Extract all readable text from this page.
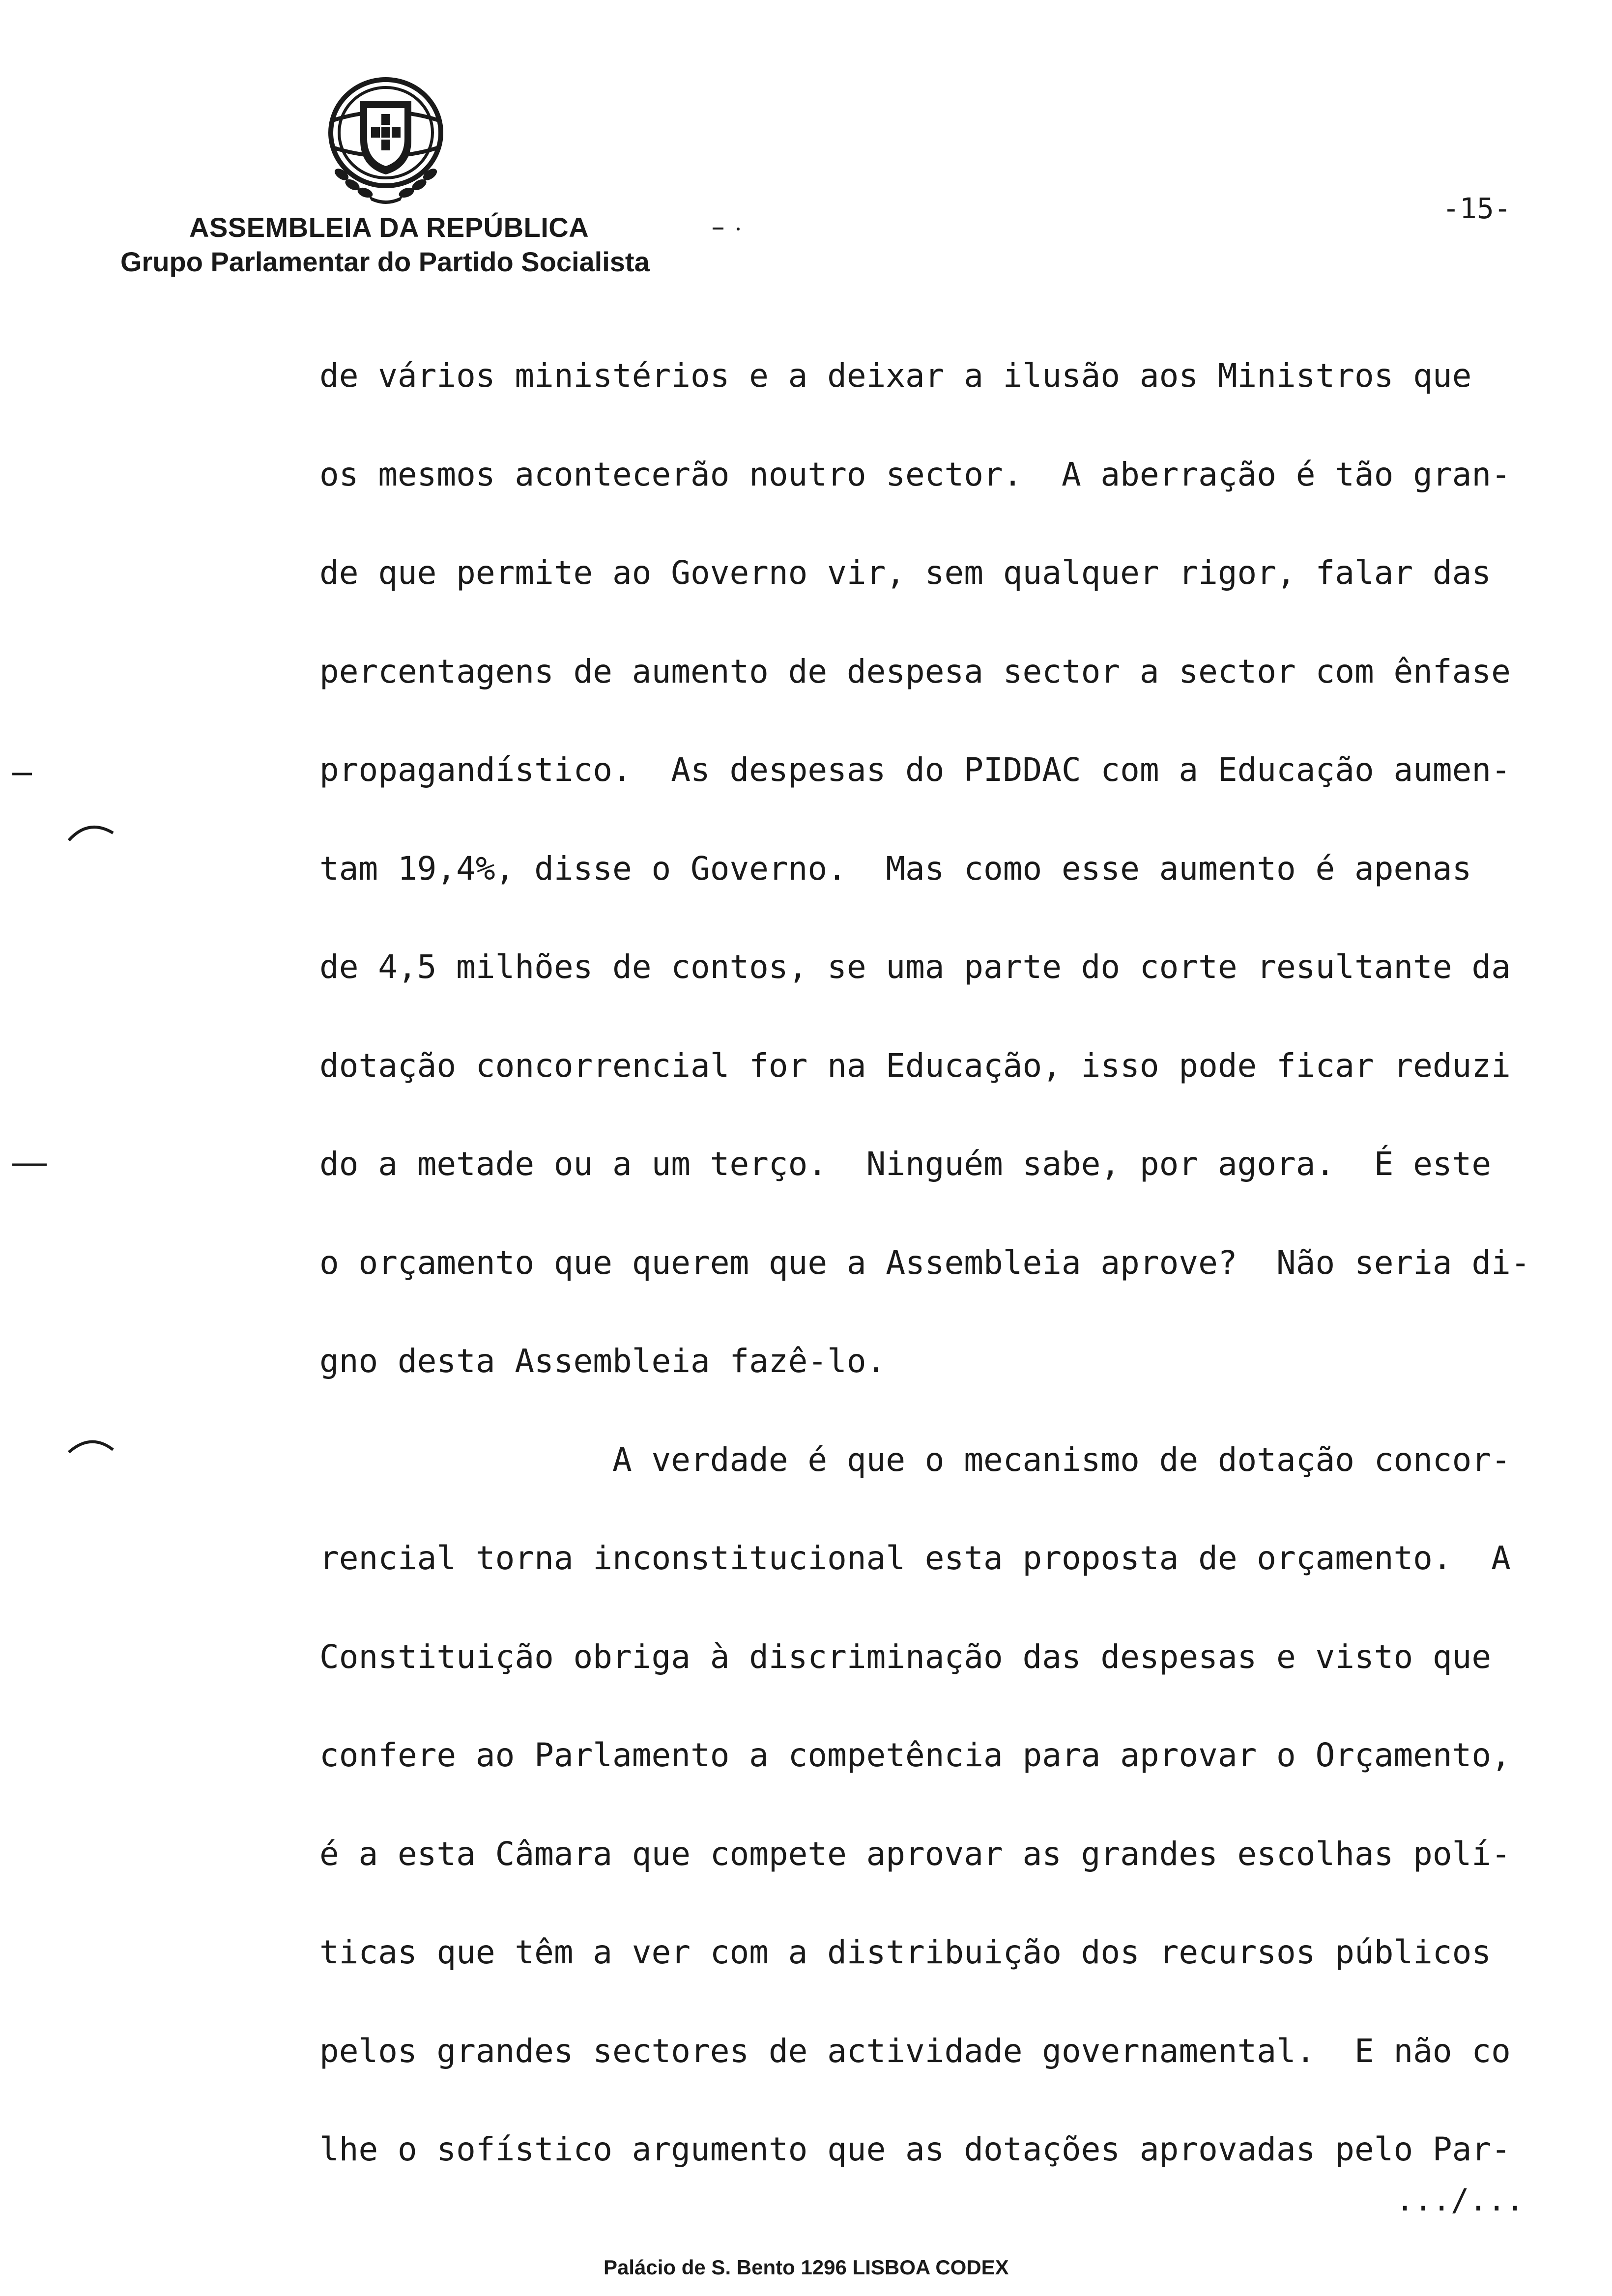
ASSEMBLEIA DA REPÚBLICA
Grupo Parlamentar do Partido Socialista
-15-
de vários ministérios e a deixar a ilusão aos Ministros que
os mesmos acontecerão noutro sector.  A aberração é tão gran-
de que permite ao Governo vir, sem qualquer rigor, falar das
percentagens de aumento de despesa sector a sector com ênfase
propagandístico.  As despesas do PIDDAC com a Educação aumen-
tam 19,4%, disse o Governo.  Mas como esse aumento é apenas
de 4,5 milhões de contos, se uma parte do corte resultante da
dotação concorrencial for na Educação, isso pode ficar reduzi
do a metade ou a um terço.  Ninguém sabe, por agora.  É este
o orçamento que querem que a Assembleia aprove?  Não seria di-
gno desta Assembleia fazê-lo.
A verdade é que o mecanismo de dotação concor-
rencial torna inconstitucional esta proposta de orçamento.  A
Constituição obriga à discriminação das despesas e visto que
confere ao Parlamento a competência para aprovar o Orçamento,
é a esta Câmara que compete aprovar as grandes escolhas polí-
ticas que têm a ver com a distribuição dos recursos públicos
pelos grandes sectores de actividade governamental.  E não co
lhe o sofístico argumento que as dotações aprovadas pelo Par-
.../...
Palácio de S. Bento 1296 LISBOA CODEX
